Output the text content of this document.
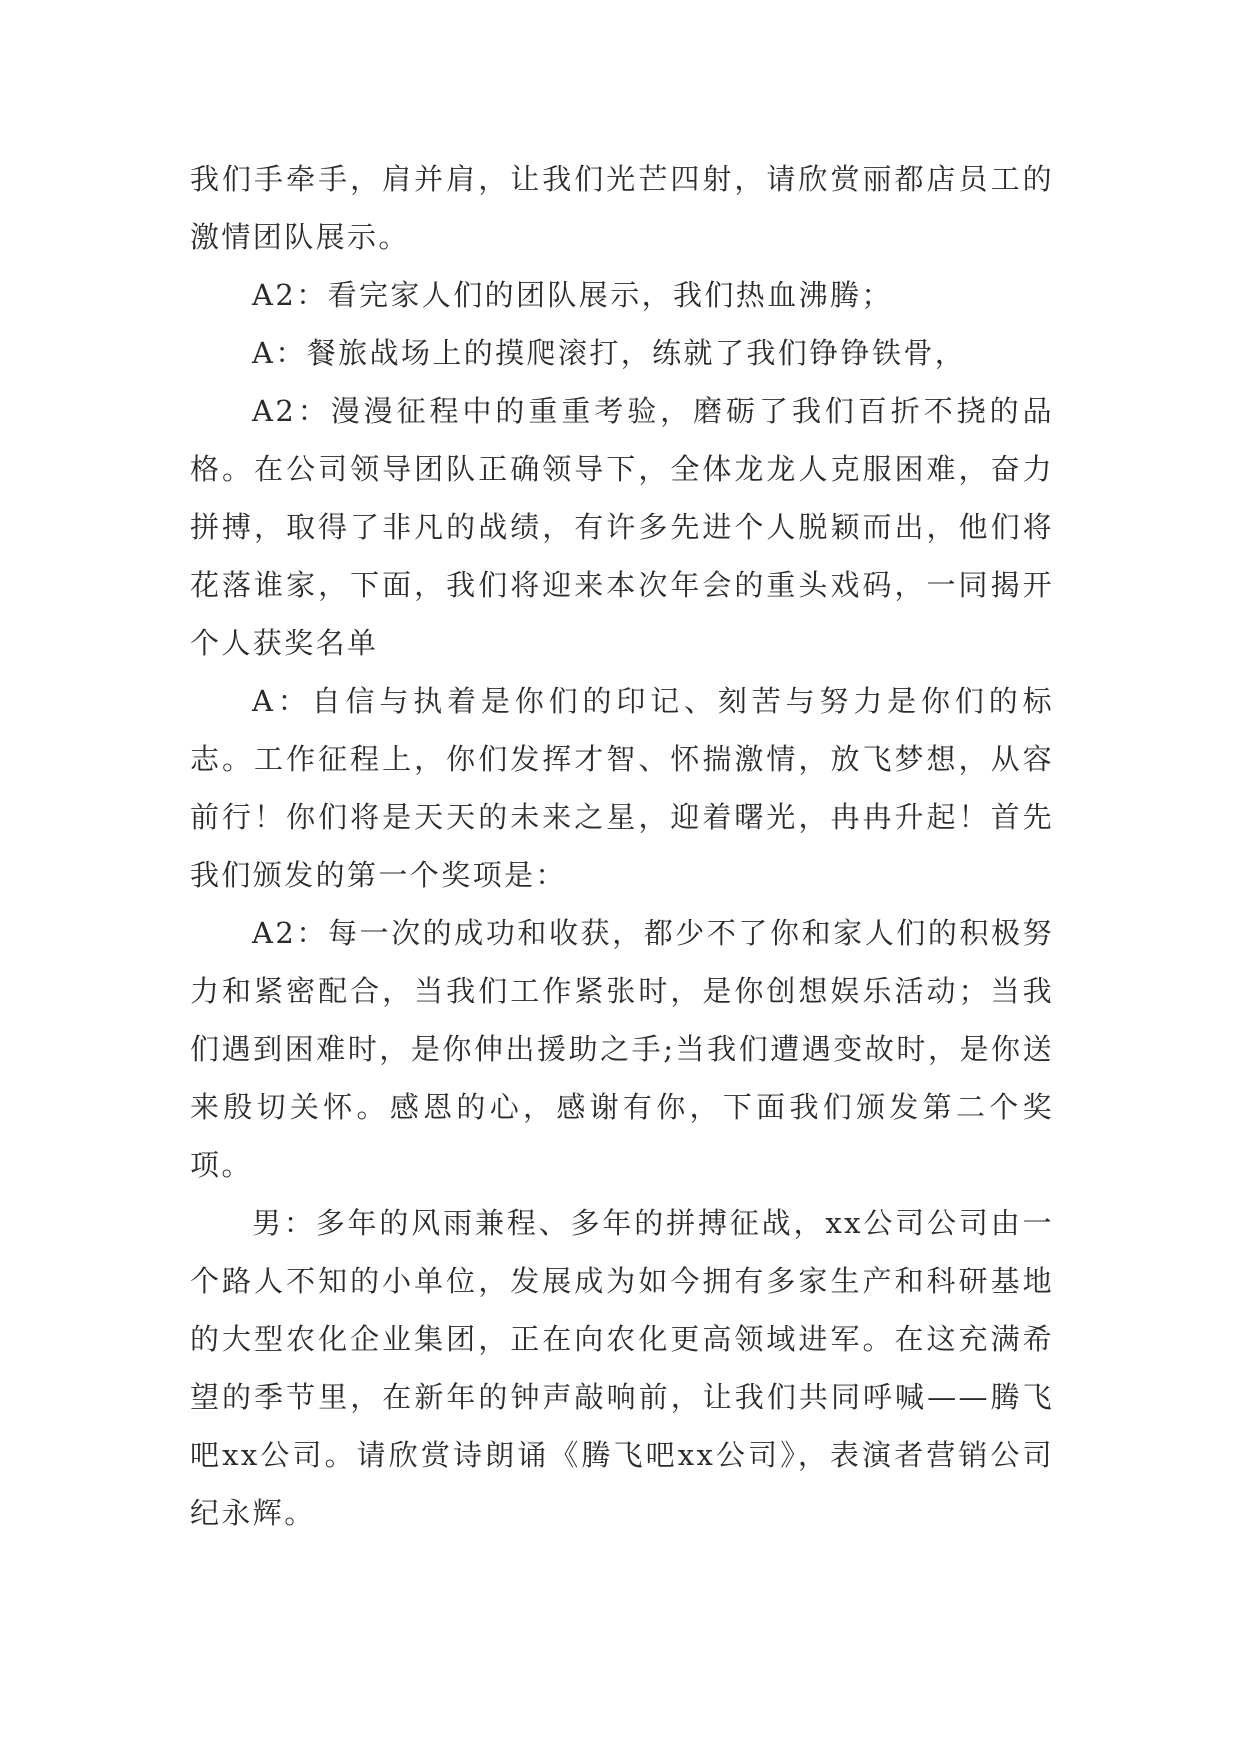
我们手牵手，肩并肩，让我们光芒四射，请欣赏丽都店员工的激情团队展示。

A2：看完家人们的团队展示，我们热血沸腾；

A：餐旅战场上的摸爬滚打，练就了我们铮铮铁骨，

A2：漫漫征程中的重重考验，磨砺了我们百折不挠的品格。在公司领导团队正确领导下，全体龙龙人克服困难，奋力拼搏，取得了非凡的战绩，有许多先进个人脱颖而出，他们将花落谁家，下面，我们将迎来本次年会的重头戏码，一同揭开个人获奖名单

A：自信与执着是你们的印记、刻苦与努力是你们的标志。工作征程上，你们发挥才智、怀揣激情，放飞梦想，从容前行！你们将是天天的未来之星，迎着曙光，冉冉升起！首先我们颁发的第一个奖项是：

A2：每一次的成功和收获，都少不了你和家人们的积极努力和紧密配合，当我们工作紧张时，是你创想娱乐活动；当我们遇到困难时，是你伸出援助之手;当我们遭遇变故时，是你送来殷切关怀。感恩的心，感谢有你，下面我们颁发第二个奖项。

男：多年的风雨兼程、多年的拼搏征战，xx公司公司由一个路人不知的小单位，发展成为如今拥有多家生产和科研基地的大型农化企业集团，正在向农化更高领域进军。在这充满希望的季节里，在新年的钟声敲响前，让我们共同呼喊——腾飞吧xx公司。请欣赏诗朗诵《腾飞吧xx公司》，表演者营销公司纪永辉。
